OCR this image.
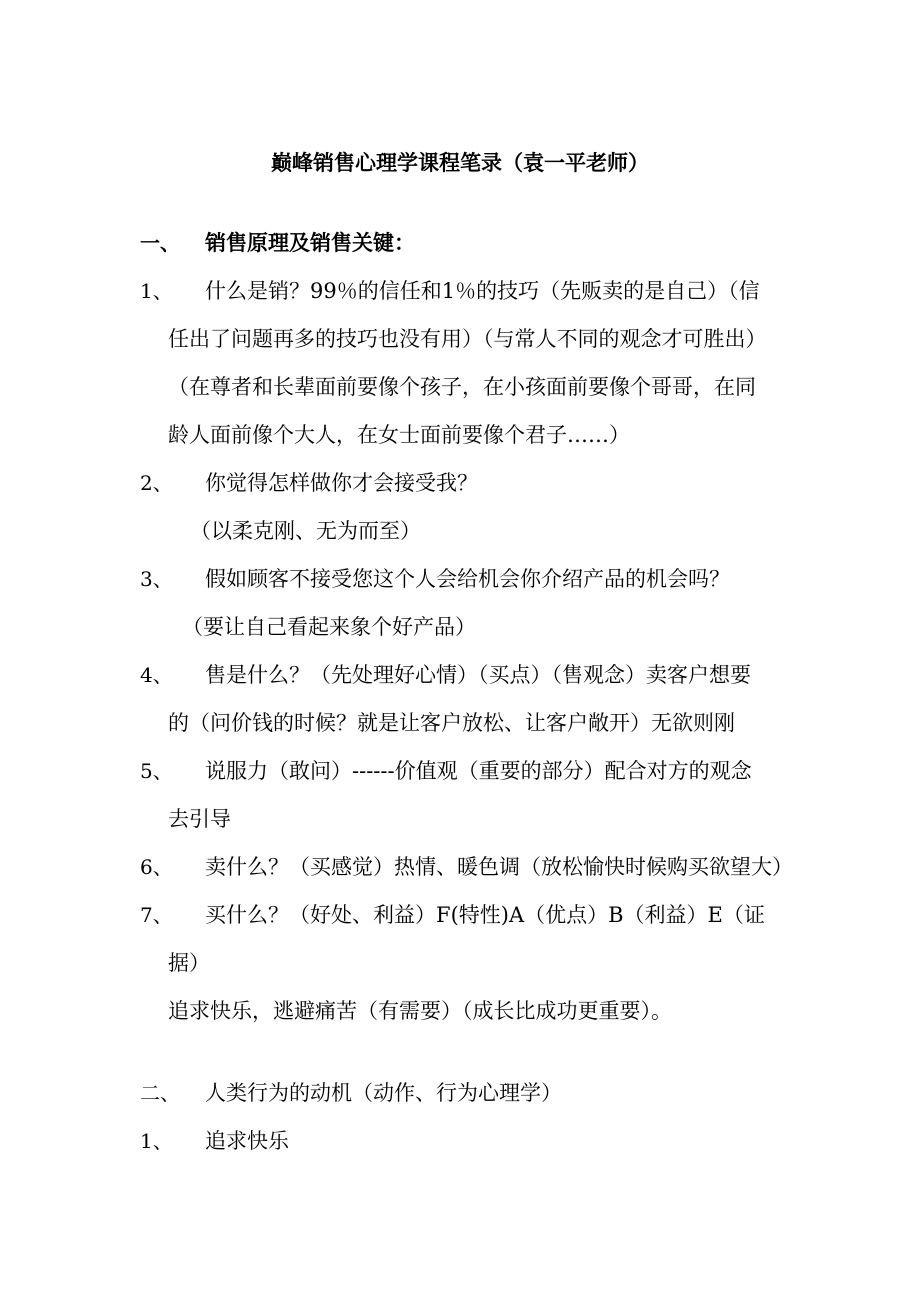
巅峰销售心理学课程笔录（袁一平老师）
一、 销售原理及销售关键：
1、 什么是销？99％的信任和1％的技巧（先贩卖的是自己）（信
任出了问题再多的技巧也没有用）（与常人不同的观念才可胜出）
（在尊者和长辈面前要像个孩子，在小孩面前要像个哥哥，在同
龄人面前像个大人，在女士面前要像个君子……）
2、 你觉得怎样做你才会接受我？
（以柔克刚、无为而至）
3、 假如顾客不接受您这个人会给机会你介绍产品的机会吗？
（要让自己看起来象个好产品）
4、 售是什么？（先处理好心情）（买点）（售观念）卖客户想要
的（问价钱的时候？就是让客户放松、让客户敞开）无欲则刚
5、 说服力（敢问）------价值观（重要的部分）配合对方的观念
去引导
6、 卖什么？（买感觉）热情、暖色调（放松愉快时候购买欲望大）
7、 买什么？（好处、利益）F(特性)A（优点）B（利益）E（证
据）
追求快乐，逃避痛苦（有需要）（成长比成功更重要）。
二、 人类行为的动机（动作、行为心理学）
1、 追求快乐
